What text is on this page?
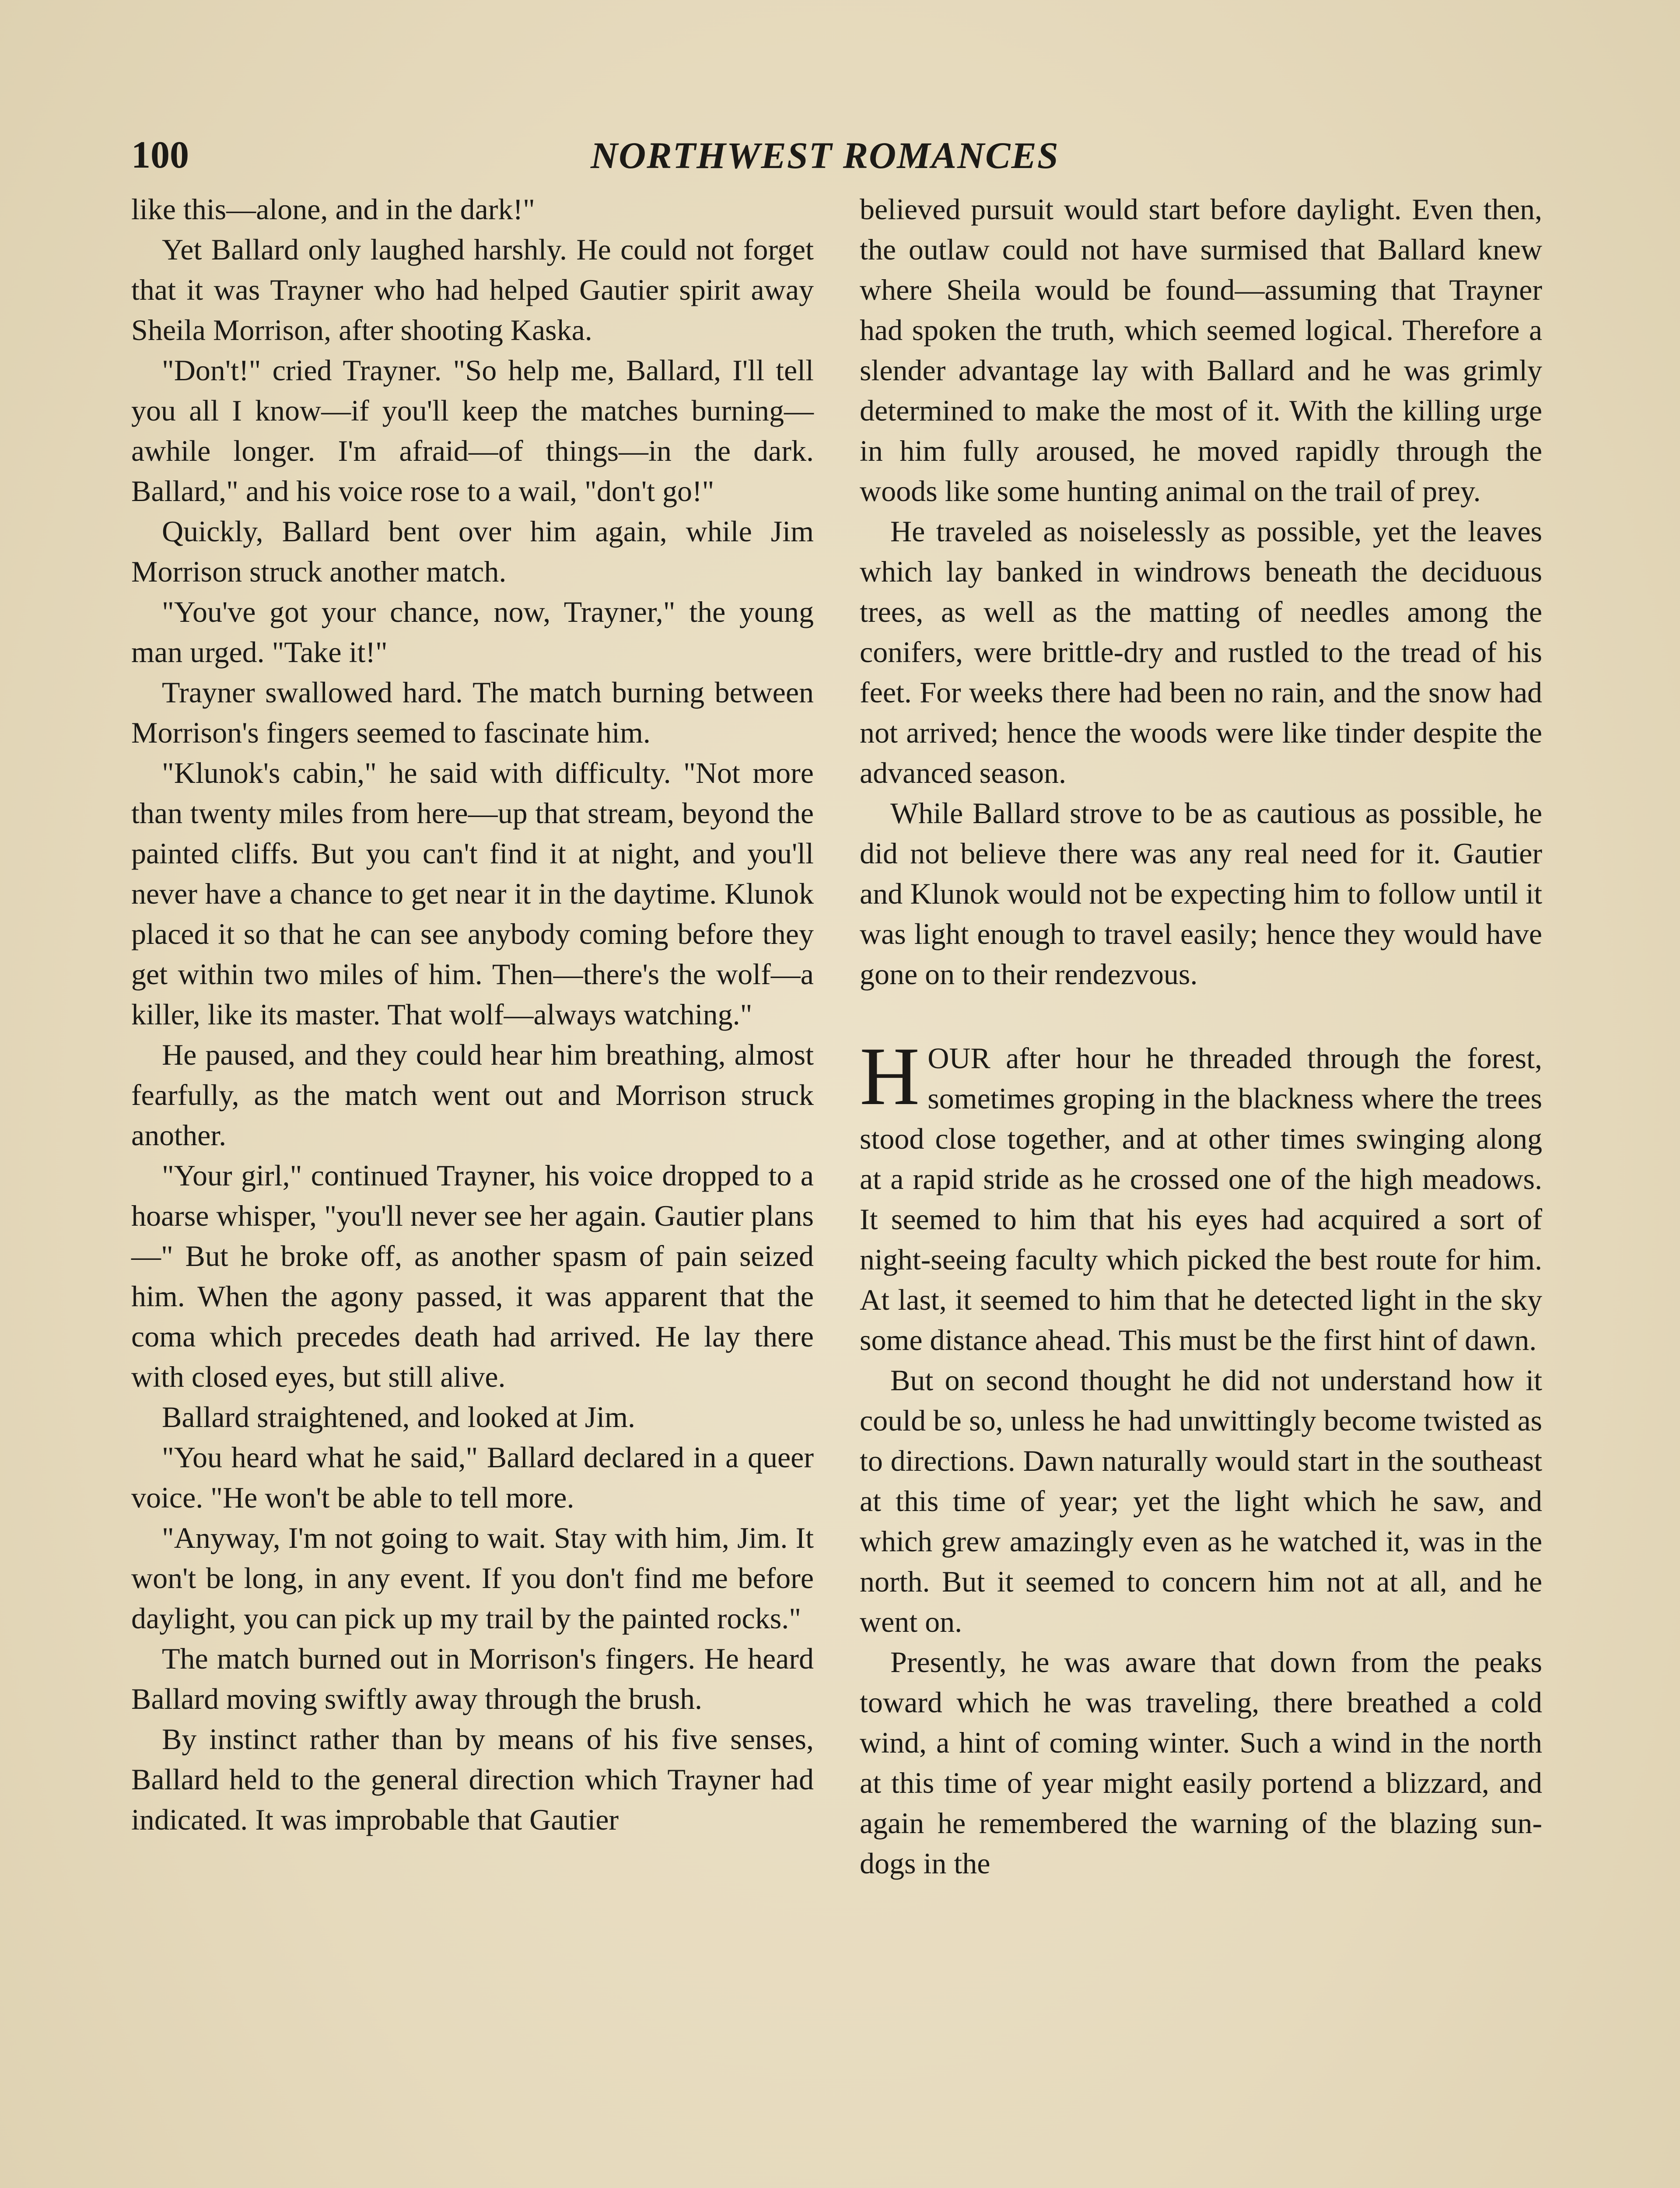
100	NORTHWEST ROMANCES

like this—alone, and in the dark!"

Yet Ballard only laughed harshly. He could not forget that it was Trayner who had helped Gautier spirit away Sheila Morrison, after shooting Kaska.

"Don't!" cried Trayner. "So help me, Ballard, I'll tell you all I know—if you'll keep the matches burning—awhile longer. I'm afraid—of things—in the dark. Ballard," and his voice rose to a wail, "don't go!"

Quickly, Ballard bent over him again, while Jim Morrison struck another match.

"You've got your chance, now, Trayner," the young man urged. "Take it!"

Trayner swallowed hard. The match burning between Morrison's fingers seemed to fascinate him.

"Klunok's cabin," he said with difficulty. "Not more than twenty miles from here—up that stream, beyond the painted cliffs. But you can't find it at night, and you'll never have a chance to get near it in the daytime. Klunok placed it so that he can see anybody coming before they get within two miles of him. Then—there's the wolf—a killer, like its master. That wolf—always watching."

He paused, and they could hear him breathing, almost fearfully, as the match went out and Morrison struck another.

"Your girl," continued Trayner, his voice dropped to a hoarse whisper, "you'll never see her again. Gautier plans—" But he broke off, as another spasm of pain seized him. When the agony passed, it was apparent that the coma which precedes death had arrived. He lay there with closed eyes, but still alive.

Ballard straightened, and looked at Jim.

"You heard what he said," Ballard declared in a queer voice. "He won't be able to tell more.

"Anyway, I'm not going to wait. Stay with him, Jim. It won't be long, in any event. If you don't find me before daylight, you can pick up my trail by the painted rocks."

The match burned out in Morrison's fingers. He heard Ballard moving swiftly away through the brush.

By instinct rather than by means of his five senses, Ballard held to the general direction which Trayner had indicated. It was improbable that Gautier

believed pursuit would start before daylight. Even then, the outlaw could not have surmised that Ballard knew where Sheila would be found—assuming that Trayner had spoken the truth, which seemed logical. Therefore a slender advantage lay with Ballard and he was grimly determined to make the most of it. With the killing urge in him fully aroused, he moved rapidly through the woods like some hunting animal on the trail of prey.

He traveled as noiselessly as possible, yet the leaves which lay banked in windrows beneath the deciduous trees, as well as the matting of needles among the conifers, were brittle-dry and rustled to the tread of his feet. For weeks there had been no rain, and the snow had not arrived; hence the woods were like tinder despite the advanced season.

While Ballard strove to be as cautious as possible, he did not believe there was any real need for it. Gautier and Klunok would not be expecting him to follow until it was light enough to travel easily; hence they would have gone on to their rendezvous.

HOUR after hour he threaded through the forest, sometimes groping in the blackness where the trees stood close together, and at other times swinging along at a rapid stride as he crossed one of the high meadows. It seemed to him that his eyes had acquired a sort of night-seeing faculty which picked the best route for him. At last, it seemed to him that he detected light in the sky some distance ahead. This must be the first hint of dawn.

But on second thought he did not understand how it could be so, unless he had unwittingly become twisted as to directions. Dawn naturally would start in the southeast at this time of year; yet the light which he saw, and which grew amazingly even as he watched it, was in the north. But it seemed to concern him not at all, and he went on.

Presently, he was aware that down from the peaks toward which he was traveling, there breathed a cold wind, a hint of coming winter. Such a wind in the north at this time of year might easily portend a blizzard, and again he remembered the warning of the blazing sun-dogs in the
